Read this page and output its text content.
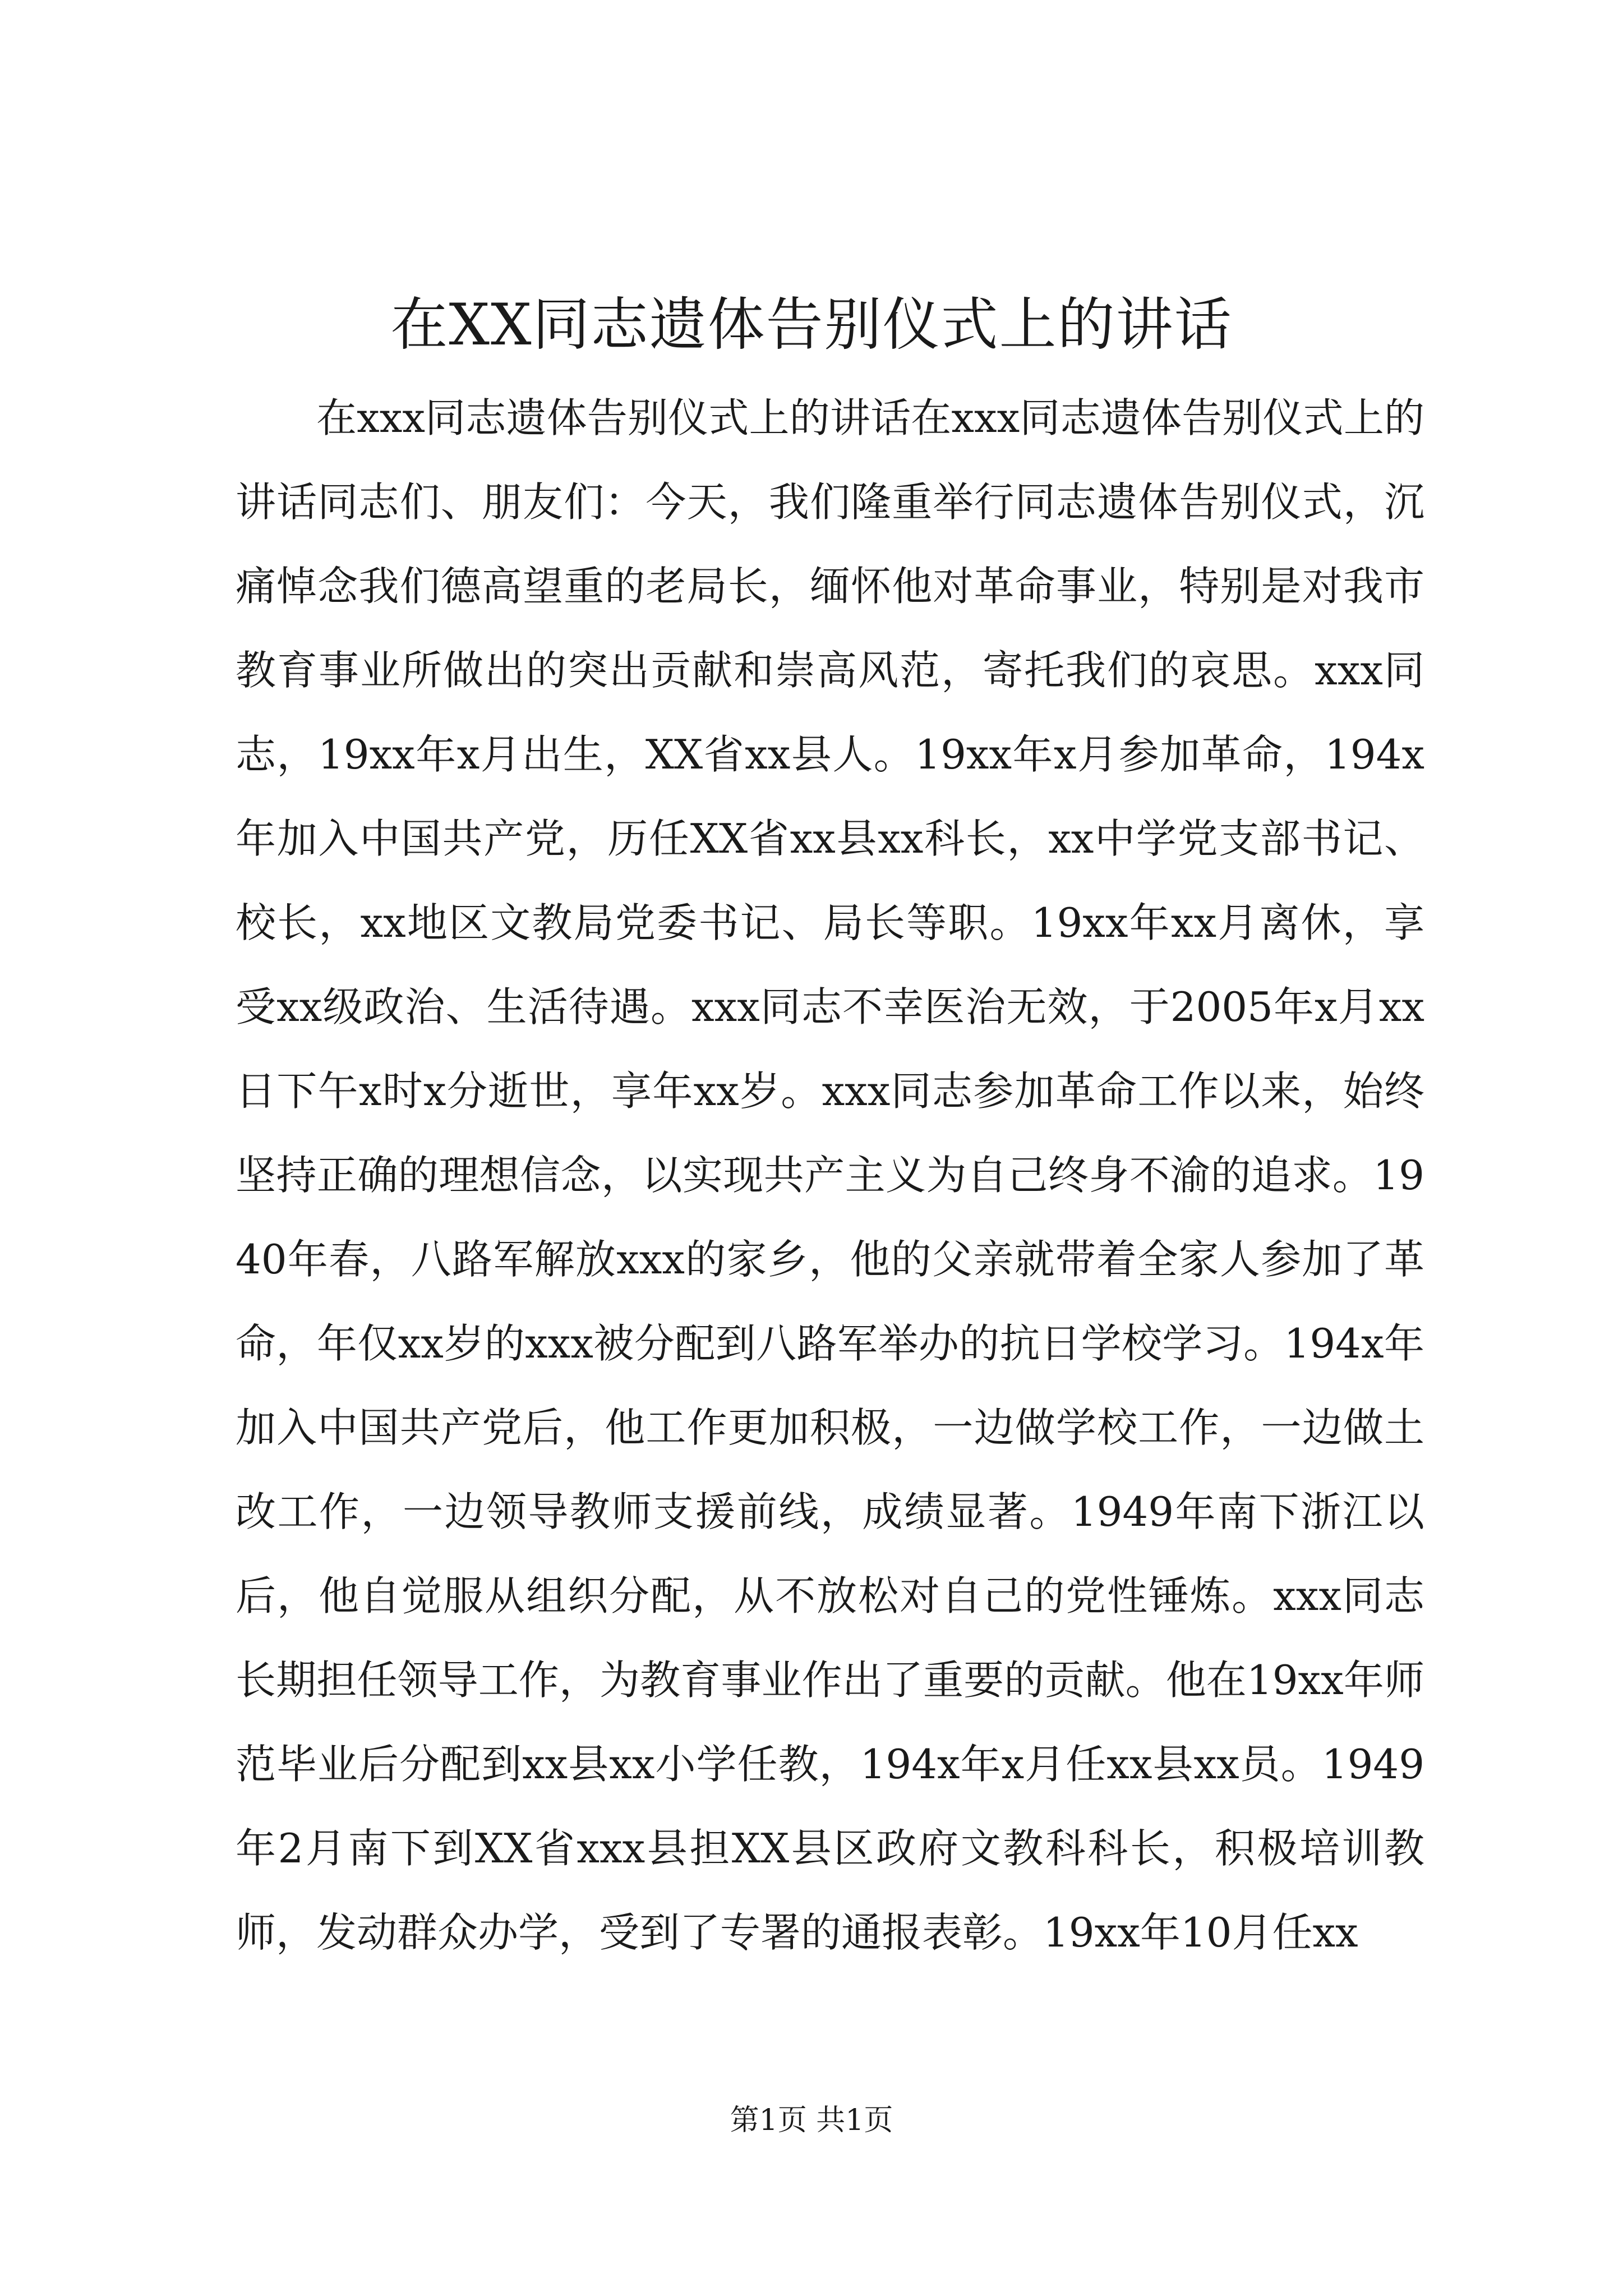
在XX同志遗体告别仪式上的讲话

在xxx同志遗体告别仪式上的讲话在xxx同志遗体告别仪式上的讲话同志们、朋友们：今天，我们隆重举行同志遗体告别仪式，沉痛悼念我们德高望重的老局长，缅怀他对革命事业，特别是对我市教育事业所做出的突出贡献和崇高风范，寄托我们的哀思。xxx同志，19xx年x月出生，XX省xx县人。19xx年x月参加革命，194x年加入中国共产党，历任XX省xx县xx科长，xx中学党支部书记、校长，xx地区文教局党委书记、局长等职。19xx年xx月离休，享受xx级政治、生活待遇。xxx同志不幸医治无效，于2005年x月xx日下午x时x分逝世，享年xx岁。xxx同志参加革命工作以来，始终坚持正确的理想信念，以实现共产主义为自己终身不渝的追求。1940年春，八路军解放xxx的家乡，他的父亲就带着全家人参加了革命，年仅xx岁的xxx被分配到八路军举办的抗日学校学习。194x年加入中国共产党后，他工作更加积极，一边做学校工作，一边做土改工作，一边领导教师支援前线，成绩显著。1949年南下浙江以后，他自觉服从组织分配，从不放松对自己的党性锤炼。xxx同志长期担任领导工作，为教育事业作出了重要的贡献。他在19xx年师范毕业后分配到xx县xx小学任教，194x年x月任xx县xx员。1949年2月南下到XX省xxx县担XX县区政府文教科科长，积极培训教师，发动群众办学，受到了专署的通报表彰。19xx年10月任xx

第1页 共1页
